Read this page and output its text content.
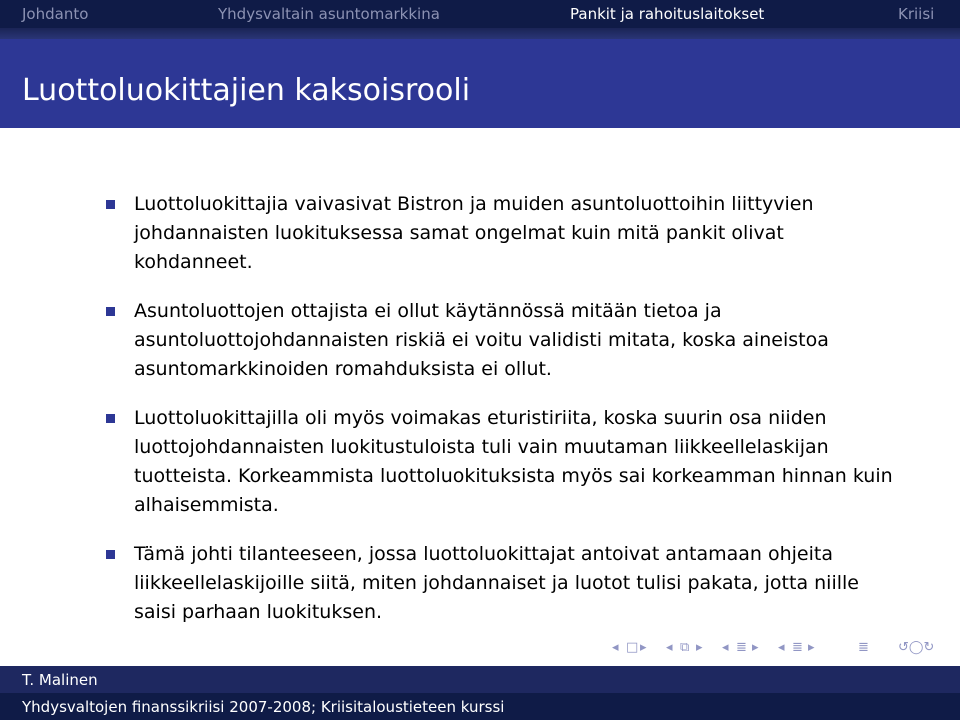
Johdanto	Yhdysvaltain asuntomarkkina	Pankit ja rahoituslaitokset	Kriisi
Luottoluokittajien kaksoisrooli
Luottoluokittajia vaivasivat Bistron ja muiden asuntoluottoihin liittyvien johdannaisten luokituksessa samat ongelmat kuin mitä pankit olivat kohdanneet.
Asuntoluottojen ottajista ei ollut käytännössä mitään tietoa ja asuntoluottojohdannaisten riskiä ei voitu validisti mitata, koska aineistoa asuntomarkkinoiden romahduksista ei ollut.
Luottoluokittajilla oli myös voimakas eturistiriita, koska suurin osa niiden luottojohdannaisten luokitustuloista tuli vain muutaman liikkeellelaskijan tuotteista. Korkeammista luottoluokituksista myös sai korkeamman hinnan kuin alhaisemmista.
Tämä johti tilanteeseen, jossa luottoluokittajat antoivat antamaan ohjeita liikkeellelaskijoille siitä, miten johdannaiset ja luotot tulisi pakata, jotta niille saisi parhaan luokituksen.
◂ □ ▸ ◂ ⧉ ▸ ◂ ≣ ▸ ◂ ≣ ▸	≣ ↺◯↻
T. Malinen
Yhdysvaltojen finanssikriisi 2007-2008; Kriisitaloustieteen kurssi
